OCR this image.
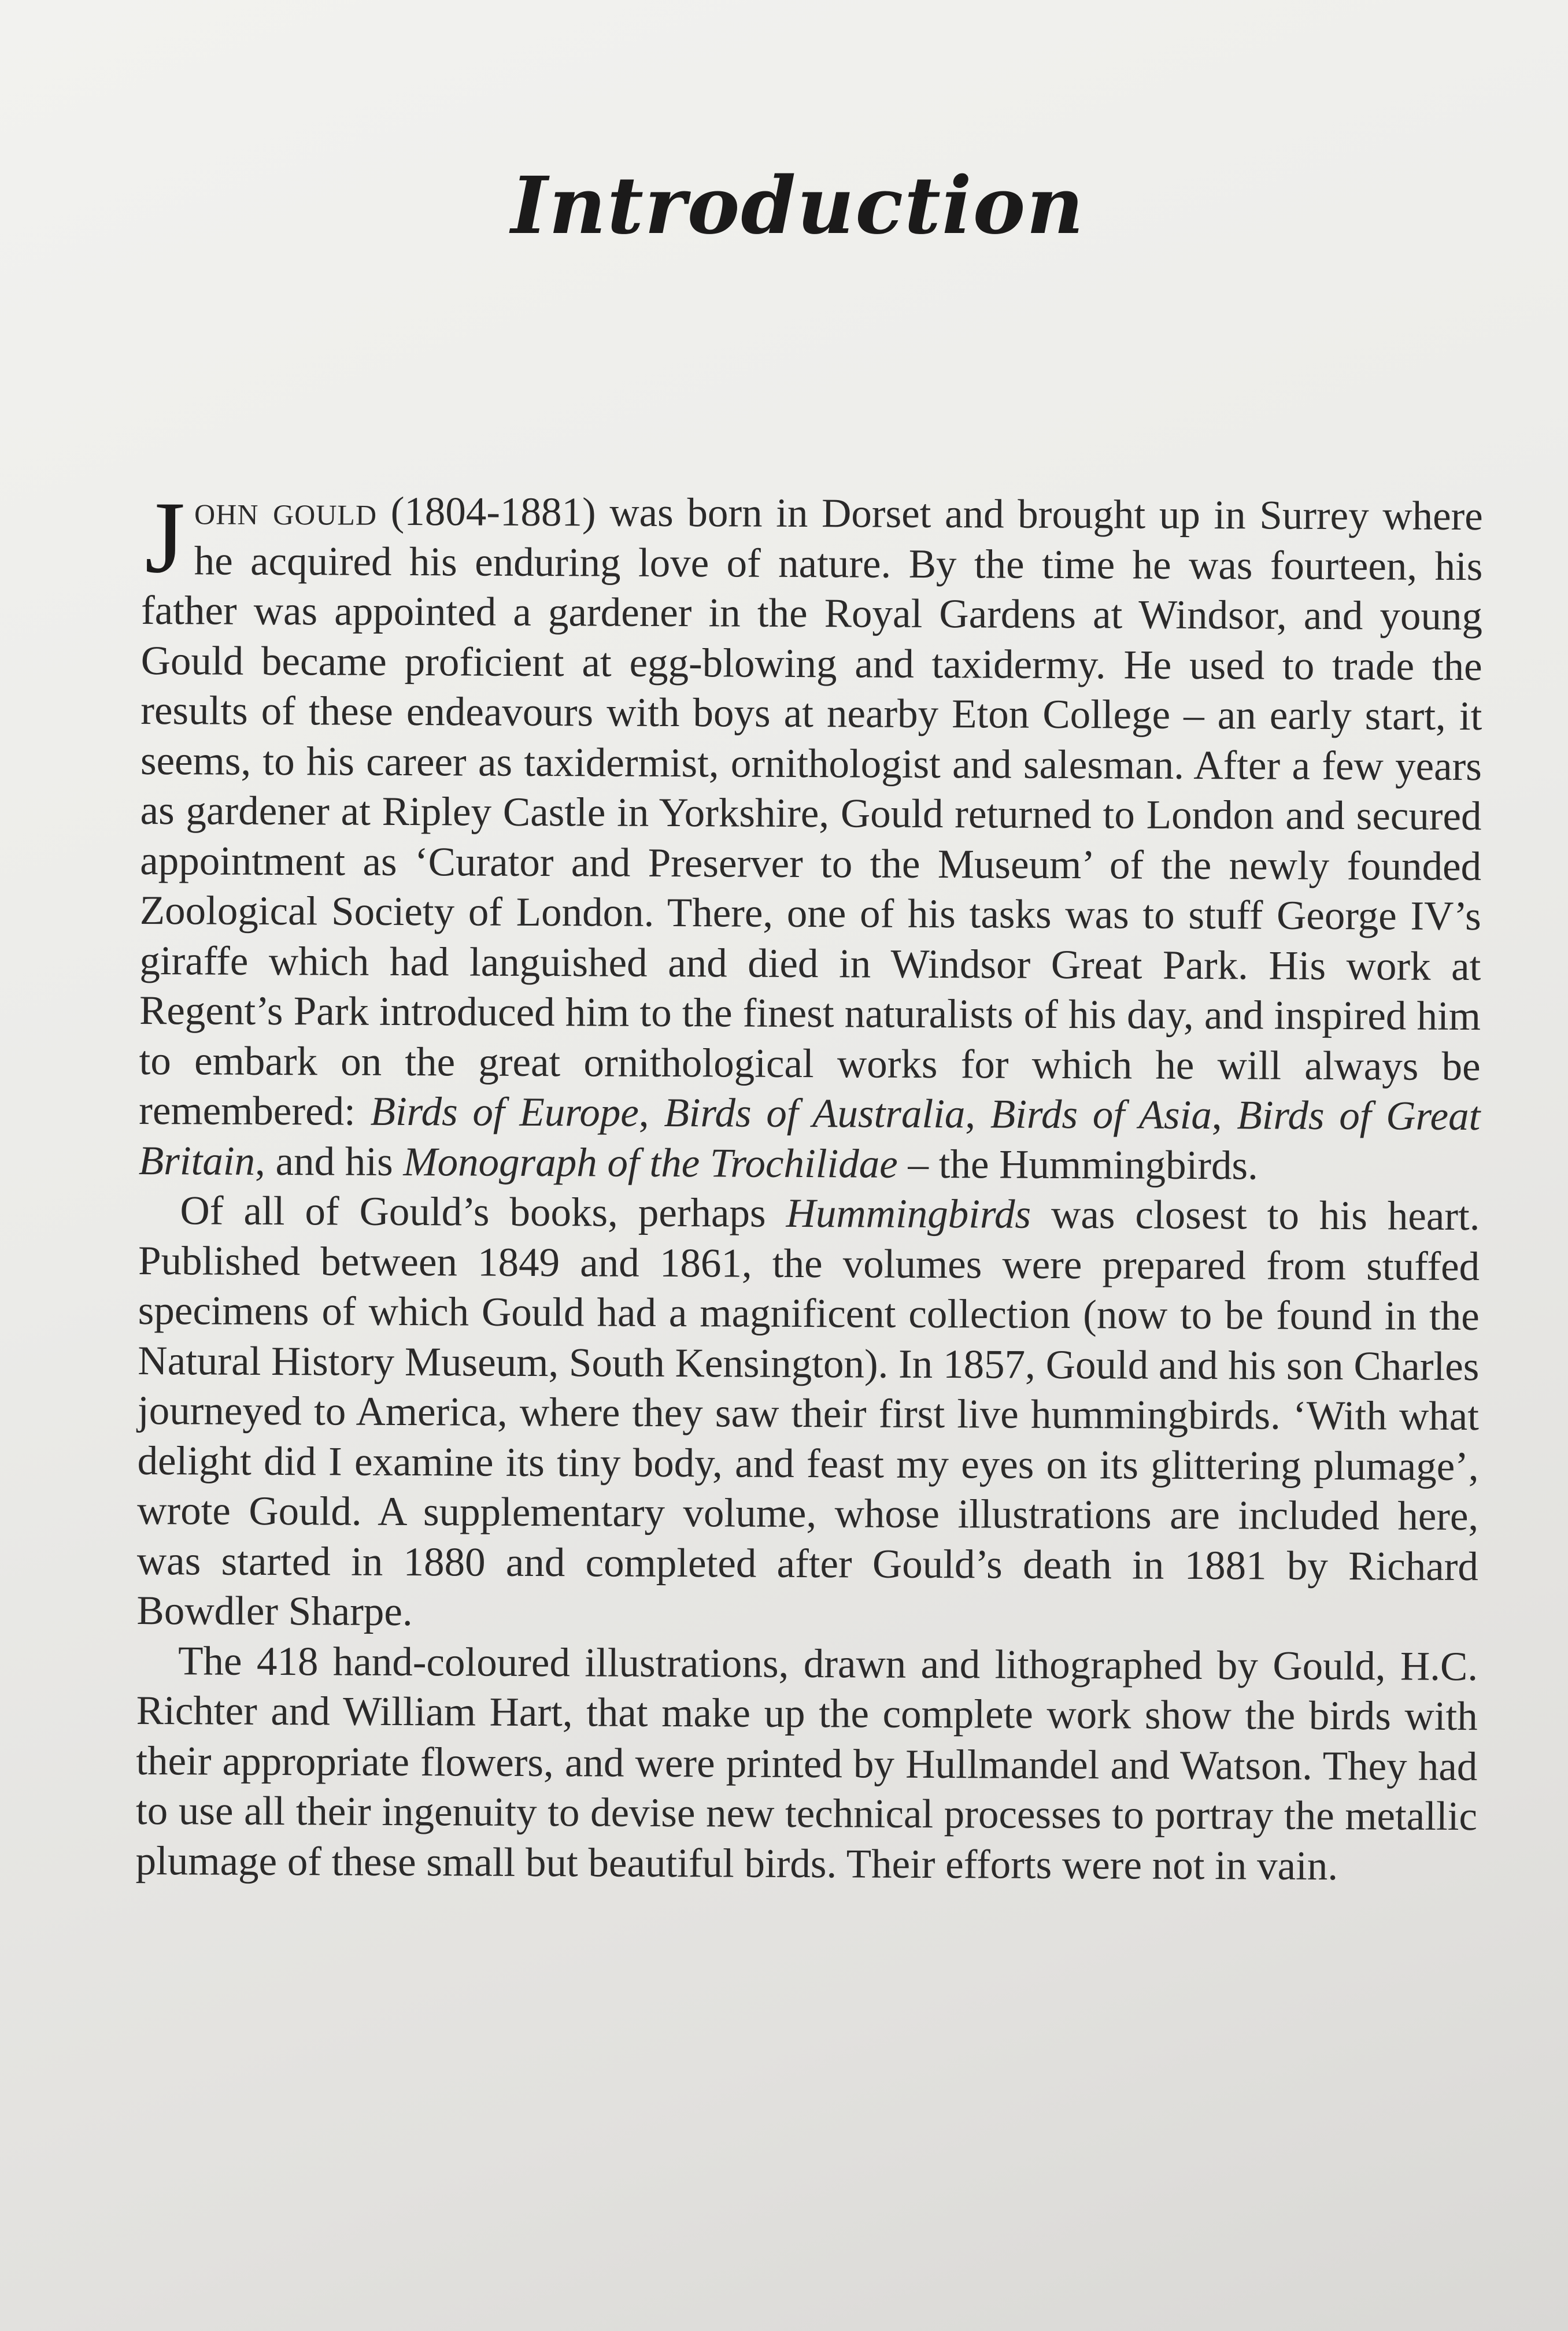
Introduction

John gould (1804-1881) was born in Dorset and brought up in Surrey where he acquired his enduring love of nature. By the time he was fourteen, his father was appointed a gardener in the Royal Gardens at Windsor, and young Gould became proficient at egg-blowing and taxidermy. He used to trade the results of these endeavours with boys at nearby Eton College – an early start, it seems, to his career as taxidermist, ornithologist and salesman. After a few years as gardener at Ripley Castle in Yorkshire, Gould returned to London and secured appointment as ‘Curator and Preserver to the Museum’ of the newly founded Zoological Society of London. There, one of his tasks was to stuff George IV’s giraffe which had languished and died in Windsor Great Park. His work at Regent’s Park introduced him to the finest naturalists of his day, and inspired him to embark on the great ornithological works for which he will always be remembered: Birds of Europe, Birds of Australia, Birds of Asia, Birds of Great Britain, and his Monograph of the Trochilidae – the Hummingbirds.

Of all of Gould’s books, perhaps Hummingbirds was closest to his heart. Published between 1849 and 1861, the volumes were prepared from stuffed specimens of which Gould had a magnificent collection (now to be found in the Natural History Museum, South Kensington). In 1857, Gould and his son Charles journeyed to America, where they saw their first live hummingbirds. ‘With what delight did I examine its tiny body, and feast my eyes on its glittering plumage’, wrote Gould. A supplementary volume, whose illustrations are included here, was started in 1880 and completed after Gould’s death in 1881 by Richard Bowdler Sharpe.

The 418 hand-coloured illustrations, drawn and lithographed by Gould, H.C. Richter and William Hart, that make up the complete work show the birds with their appropriate flowers, and were printed by Hullmandel and Watson. They had to use all their ingenuity to devise new technical processes to portray the metallic plumage of these small but beautiful birds. Their efforts were not in vain.
